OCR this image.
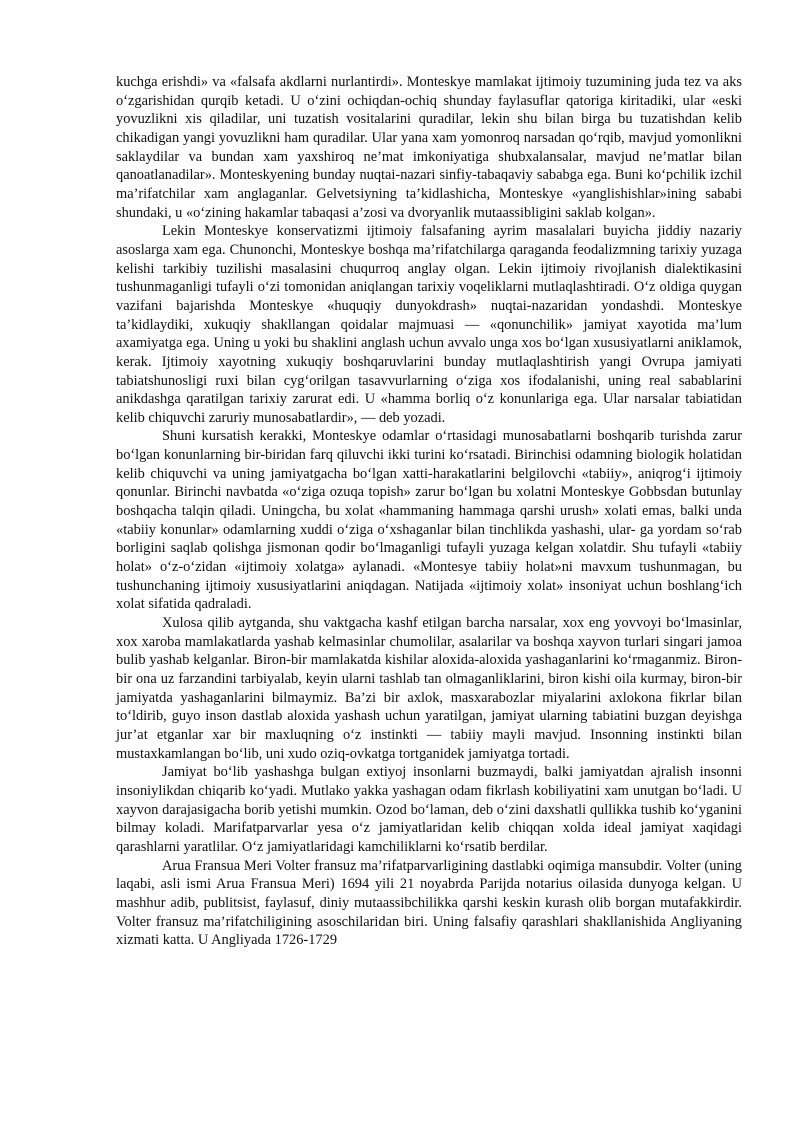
kuchga erishdi» va «falsafa akdlarni nurlantirdi». Monteskye mamlakat ijtimoiy tuzumining juda tez va aks o‘zgarishidan qurqib ketadi. U o‘zini ochiqdan-ochiq shunday faylasuflar qatoriga kiritadiki, ular «eski yovuzlikni xis qiladilar, uni tuzatish vositalarini quradilar, lekin shu bilan birga bu tuzatishdan kelib chikadigan yangi yovuzlikni ham quradilar. Ular yana xam yomonroq narsadan qo‘rqib, mavjud yomonlikni saklaydilar va bundan xam yaxshiroq ne’mat imkoniyatiga shubxalansalar, mavjud ne’matlar bilan qanoatlanadilar». Monteskyening bunday nuqtai-nazari sinfiy-tabaqaviy sababga ega. Buni ko‘pchilik izchil ma’rifatchilar xam anglaganlar. Gelvetsiyning ta’kidlashicha, Monteskye «yanglishishlar»ining sababi shundaki, u «o‘zining hakamlar tabaqasi a’zosi va dvoryanlik mutaassibligini saklab kolgan».

Lekin Monteskye konservatizmi ijtimoiy falsafaning ayrim masalalari buyicha jiddiy nazariy asoslarga xam ega. Chunonchi, Monteskye boshqa ma’rifatchilarga qaraganda feodalizmning tarixiy yuzaga kelishi tarkibiy tuzilishi masalasini chuqurroq anglay olgan. Lekin ijtimoiy rivojlanish dialektikasini tushunmaganligi tufayli o‘zi tomonidan aniqlangan tarixiy voqeliklarni mutlaqlashtiradi. O‘z oldiga quygan vazifani bajarishda Monteskye «huquqiy dunyokdrash» nuqtai-nazaridan yondashdi. Monteskye ta’kidlaydiki, xukuqiy shakllangan qoidalar majmuasi — «qonunchilik» jamiyat xayotida ma’lum axamiyatga ega. Uning u yoki bu shaklini anglash uchun avvalo unga xos bo‘lgan xususiyatlarni aniklamok, kerak. Ijtimoiy xayotning xukuqiy boshqaruvlarini bunday mutlaqlashtirish yangi Ovrupa jamiyati tabiatshunosligi ruxi bilan cyg‘orilgan tasavvurlarning o‘ziga xos ifodalanishi, uning real sabablarini anikdashga qaratilgan tarixiy zarurat edi. U «hamma borliq o‘z konunlariga ega. Ular narsalar tabiatidan kelib chiquvchi zaruriy munosabatlardir», — deb yozadi.

Shuni kursatish kerakki, Monteskye odamlar o‘rtasidagi munosabatlarni boshqarib turishda zarur bo‘lgan konunlarning bir-biridan farq qiluvchi ikki turini ko‘rsatadi. Birinchisi odamning biologik holatidan kelib chiquvchi va uning jamiyatgacha bo‘lgan xatti-harakatlarini belgilovchi «tabiiy», aniqrog‘i ijtimoiy qonunlar. Birinchi navbatda «o‘ziga ozuqa topish» zarur bo‘lgan bu xolatni Monteskye Gobbsdan butunlay boshqacha talqin qiladi. Uningcha, bu xolat «hammaning hammaga qarshi urush» xolati emas, balki unda «tabiiy konunlar» odamlarning xuddi o‘ziga o‘xshaganlar bilan tinchlikda yashashi, ular- ga yordam so‘rab borligini saqlab qolishga jismonan qodir bo‘lmaganligi tufayli yuzaga kelgan xolatdir. Shu tufayli «tabiiy holat» o‘z-o‘zidan «ijtimoiy xolatga» aylanadi. «Montesye tabiiy holat»ni mavxum tushunmagan, bu tushunchaning ijtimoiy xususiyatlarini aniqdagan. Natijada «ijtimoiy xolat» insoniyat uchun boshlang‘ich xolat sifatida qadraladi.

Xulosa qilib aytganda, shu vaktgacha kashf etilgan barcha narsalar, xox eng yovvoyi bo‘lmasinlar, xox xaroba mamlakatlarda yashab kelmasinlar chumolilar, asalarilar va boshqa xayvon turlari singari jamoa bulib yashab kelganlar. Biron-bir mamlakatda kishilar aloxida-aloxida yashaganlarini ko‘rmaganmiz. Biron-bir ona uz farzandini tarbiyalab, keyin ularni tashlab tan olmaganliklarini, biron kishi oila kurmay, biron-bir jamiyatda yashaganlarini bilmaymiz. Ba’zi bir axlok, masxarabozlar miyalarini axlokona fikrlar bilan to‘ldirib, guyo inson dastlab aloxida yashash uchun yaratilgan, jamiyat ularning tabiatini buzgan deyishga jur’at etganlar xar bir maxluqning o‘z instinkti — tabiiy mayli mavjud. Insonning instinkti bilan mustaxkamlangan bo‘lib, uni xudo oziq-ovkatga tortganidek jamiyatga tortadi.

Jamiyat bo‘lib yashashga bulgan extiyoj insonlarni buzmaydi, balki jamiyatdan ajralish insonni insoniylikdan chiqarib ko‘yadi. Mutlako yakka yashagan odam fikrlash kobiliyatini xam unutgan bo‘ladi. U xayvon darajasigacha borib yetishi mumkin. Ozod bo‘laman, deb o‘zini daxshatli qullikka tushib ko‘yganini bilmay koladi. Marifatparvarlar yesa o‘z jamiyatlaridan kelib chiqqan xolda ideal jamiyat xaqidagi qarashlarni yaratlilar. O‘z jamiyatlaridagi kamchiliklarni ko‘rsatib berdilar.

Arua Fransua Meri Volter fransuz ma’rifatparvarligining dastlabki oqimiga mansubdir. Volter (uning laqabi, asli ismi Arua Fransua Meri) 1694 yili 21 noyabrda Parijda notarius oilasida dunyoga kelgan. U mashhur adib, publitsist, faylasuf, diniy mutaassibchilikka qarshi keskin kurash olib borgan mutafakkirdir. Volter fransuz ma’rifatchiligining asoschilaridan biri. Uning falsafiy qarashlari shakllanishida Angliyaning xizmati katta. U Angliyada 1726-1729
